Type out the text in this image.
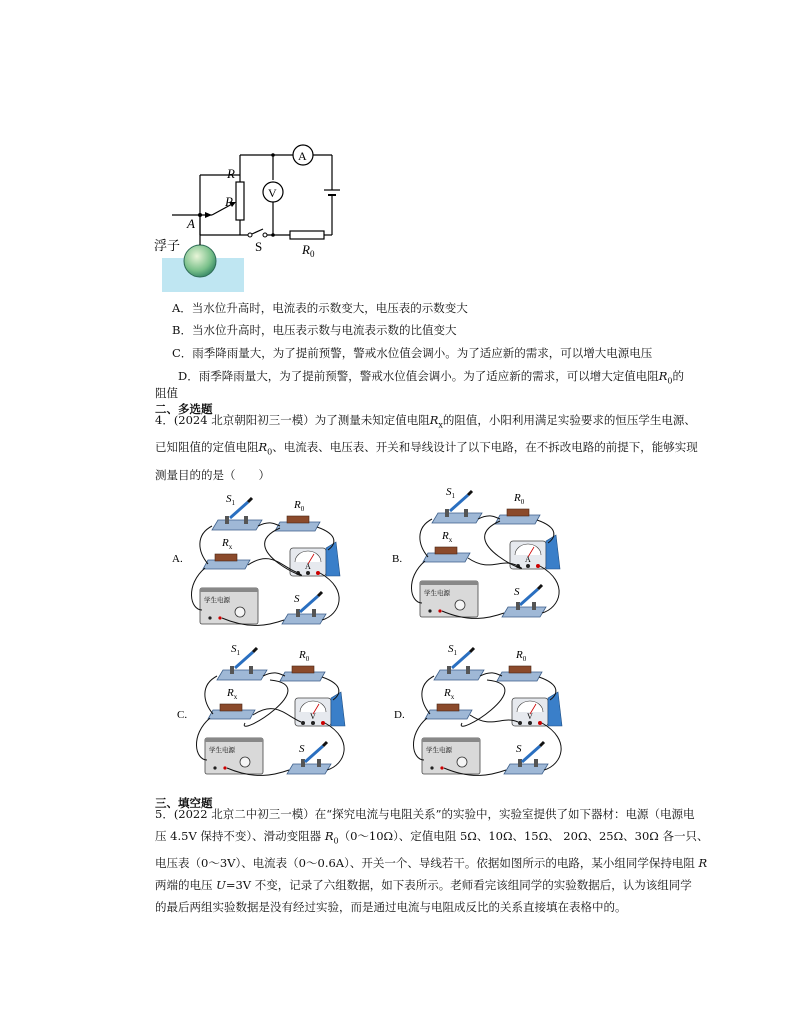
R
P
A
浮子	S	$R_0$
A
V
A．当水位升高时，电流表的示数变大，电压表的示数变大
B．当水位升高时，电压表示数与电流表示数的比值变大
C．雨季降雨量大，为了提前预警，警戒水位值会调小。为了适应新的需求，可以增大电源电压
D．雨季降雨量大，为了提前预警，警戒水位值会调小。为了适应新的需求，可以增大定值电阻$R_0$的
阻值
二、多选题
4．(2024 北京朝阳初三一模）为了测量未知定值电阻$R_x$的阻值，小阳利用满足实验要求的恒压学生电源、
已知阻值的定值电阻$R_0$、电流表、电压表、开关和导线设计了以下电路，在不拆改电路的前提下，能够实现
测量目的的是（　　）
A.
$S_1$	$R_0$
$R_x$
A
S
学生电源
B.
$S_1$	$R_0$
$R_x$
A
S
学生电源
C.
$S_1$	$R_0$
$R_x$
V
S
学生电源
D.
$S_1$	$R_0$
$R_x$
V
S
学生电源
三、填空题
5．(2022 北京二中初三一模）在“探究电流与电阻关系”的实验中，实验室提供了如下器材：电源（电源电
压 4.5V 保持不变）、滑动变阻器 $R_0(0\sim 10\Omega)$、定值电阻 5Ω、10Ω、15Ω、 20Ω、25Ω、30Ω 各一只、
电压表（0～3V）、电流表（0～0.6A）、开关一个、导线若干。依据如图所示的电路，某小组同学保持电阻 R
两端的电压 U=3V 不变，记录了六组数据，如下表所示。老师看完该组同学的实验数据后，认为该组同学
的最后两组实验数据是没有经过实验，而是通过电流与电阻成反比的关系直接填在表格中的。
